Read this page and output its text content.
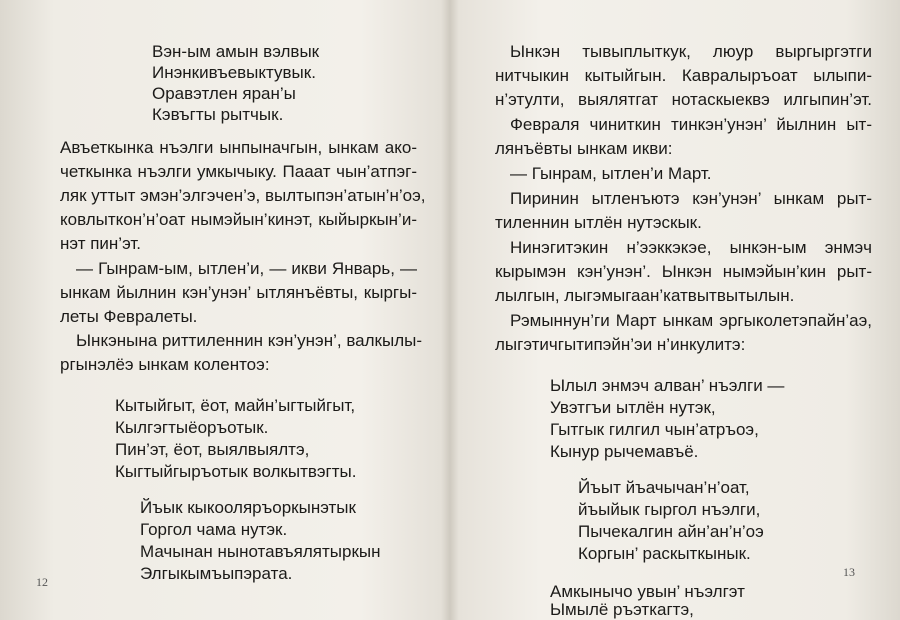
Вэн-ым амын вэлвык
Инэнкивъевыктувык.
Оравэтлен яран’ы
Кэвъгты рытчык.
Авъеткынка нъэлги ынпыначгын, ынкам ако-
четкынка нъэлги умкычыку. Пааат чын’атпэг-
ляк уттыт эмэн’элгэчен’э, вылтыпэн’атын’н’оэ,
ковлыткон’н’оат нымэйын’кинэт, кыйыркын’и-
нэт пин’эт.
— Гынрам-ым, ытлен’и, — икви Январь, —
ынкам йылнин кэн’унэн’ ытлянъёвты, кыргы-
леты Февралеты.
Ынкэнына риттиленнин кэн’унэн’, валкылы-
ргынэлёэ ынкам колентоэ:
Кытыйгыт, ёот, майн’ыгтыйгыт,
Кылгэгтыёоръотык.
Пин’эт, ёот, выялвыялтэ,
Кыгтыйгыръотык волкытвэгты.
Йъык кыкооляръоркынэтык
Горгол чама нутэк.
Мачынан нынотавъялятыркын
Элгыкымъыпэрата.
12
Ынкэн тывыплыткук, люур выргыргэтги
нитчыкин кытыйгын. Кавралыръоат ылыпи-
н’этулти, выялятгат нотаскыеквэ илгыпин’эт.
Февраля чиниткин тинкэн’унэн’ йылнин ыт-
лянъёвты ынкам икви:
— Гынрам, ытлен’и Март.
Пиринин ытленъютэ кэн’унэн’ ынкам рыт-
тиленнин ытлён нутэскык.
Нинэгитэкин н’ээккэкэе, ынкэн-ым энмэч
кырымэн кэн’унэн’. Ынкэн нымэйын’кин рыт-
лылгын, лыгэмыгаан’катвытвытылын.
Рэмыннун’ги Март ынкам эргыколетэпайн’аэ,
лыгэтичгытипэйн’эи н’инкулитэ:
Ылыл энмэч алван’ нъэлги —
Увэтгъи ытлён нутэк,
Гытгык гилгил чын’атръоэ,
Кынур рычемавъё.
Йъыт йъачычан’н’оат,
йъыйык гыргол нъэлги,
Пычекалгин айн’ан’н’оэ
Коргын’ раскыткынык.
Амкынычо увын’ нъэлгэт
Ымылё ръэткагтэ,
13
